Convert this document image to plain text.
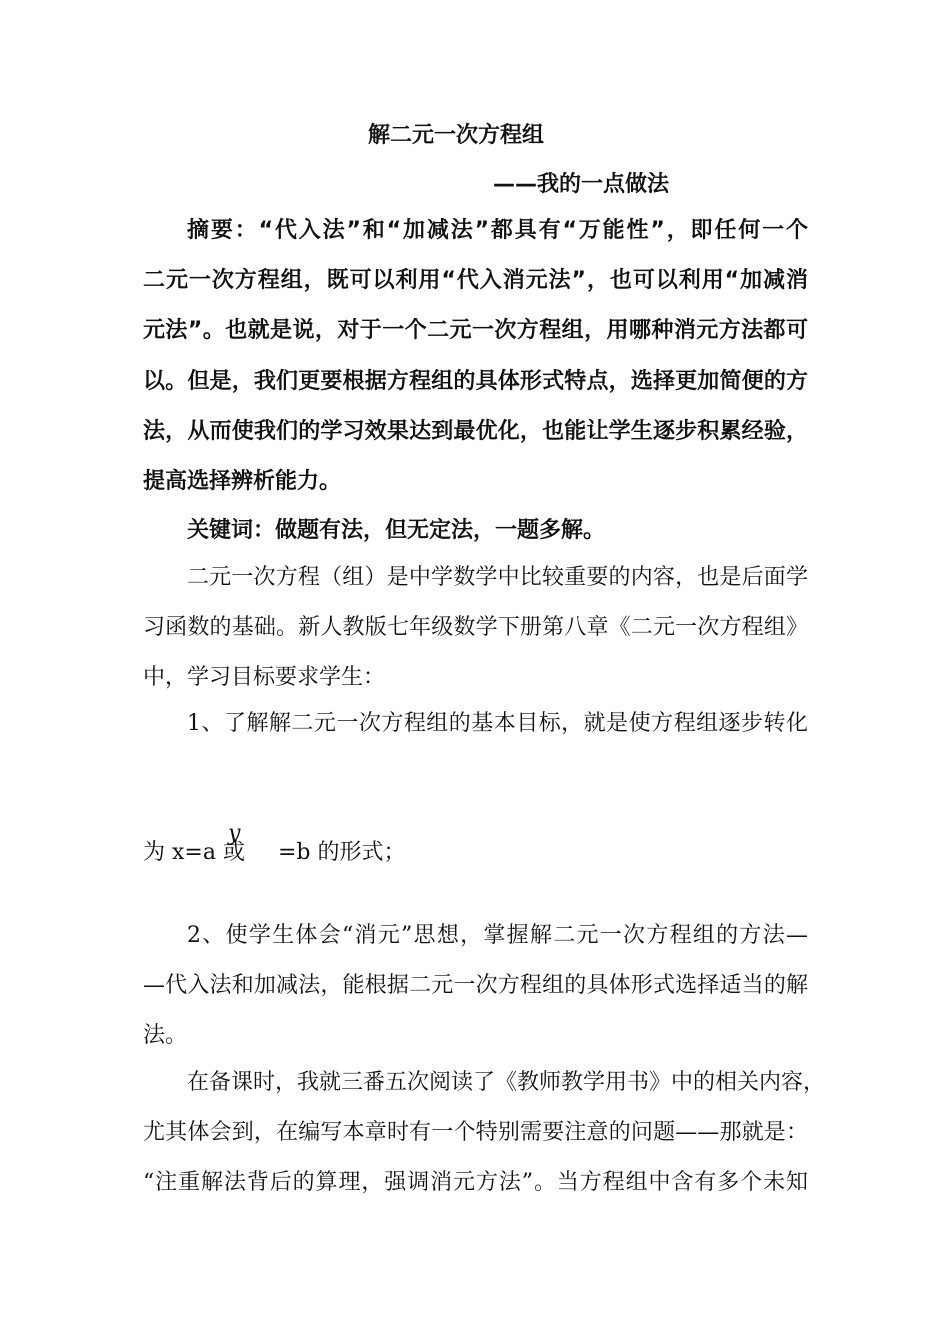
解二元一次方程组
——我的一点做法
摘要：“代入法”和“加减法”都具有“万能性”，即任何一个
二元一次方程组，既可以利用“代入消元法”，也可以利用“加减消
元法”。也就是说，对于一个二元一次方程组，用哪种消元方法都可
以。但是，我们更要根据方程组的具体形式特点，选择更加简便的方
法，从而使我们的学习效果达到最优化，也能让学生逐步积累经验，
提高选择辨析能力。
关键词：做题有法，但无定法，一题多解。
二元一次方程（组）是中学数学中比较重要的内容，也是后面学
习函数的基础。新人教版七年级数学下册第八章《二元一次方程组》
中，学习目标要求学生：
1、了解解二元一次方程组的基本目标，就是使方程组逐步转化
为 x=a 或 =b 的形式；
y
2、使学生体会“消元”思想，掌握解二元一次方程组的方法—
—代入法和加减法，能根据二元一次方程组的具体形式选择适当的解
法。
在备课时，我就三番五次阅读了《教师教学用书》中的相关内容，
尤其体会到，在编写本章时有一个特别需要注意的问题——那就是：
“注重解法背后的算理，强调消元方法”。当方程组中含有多个未知
